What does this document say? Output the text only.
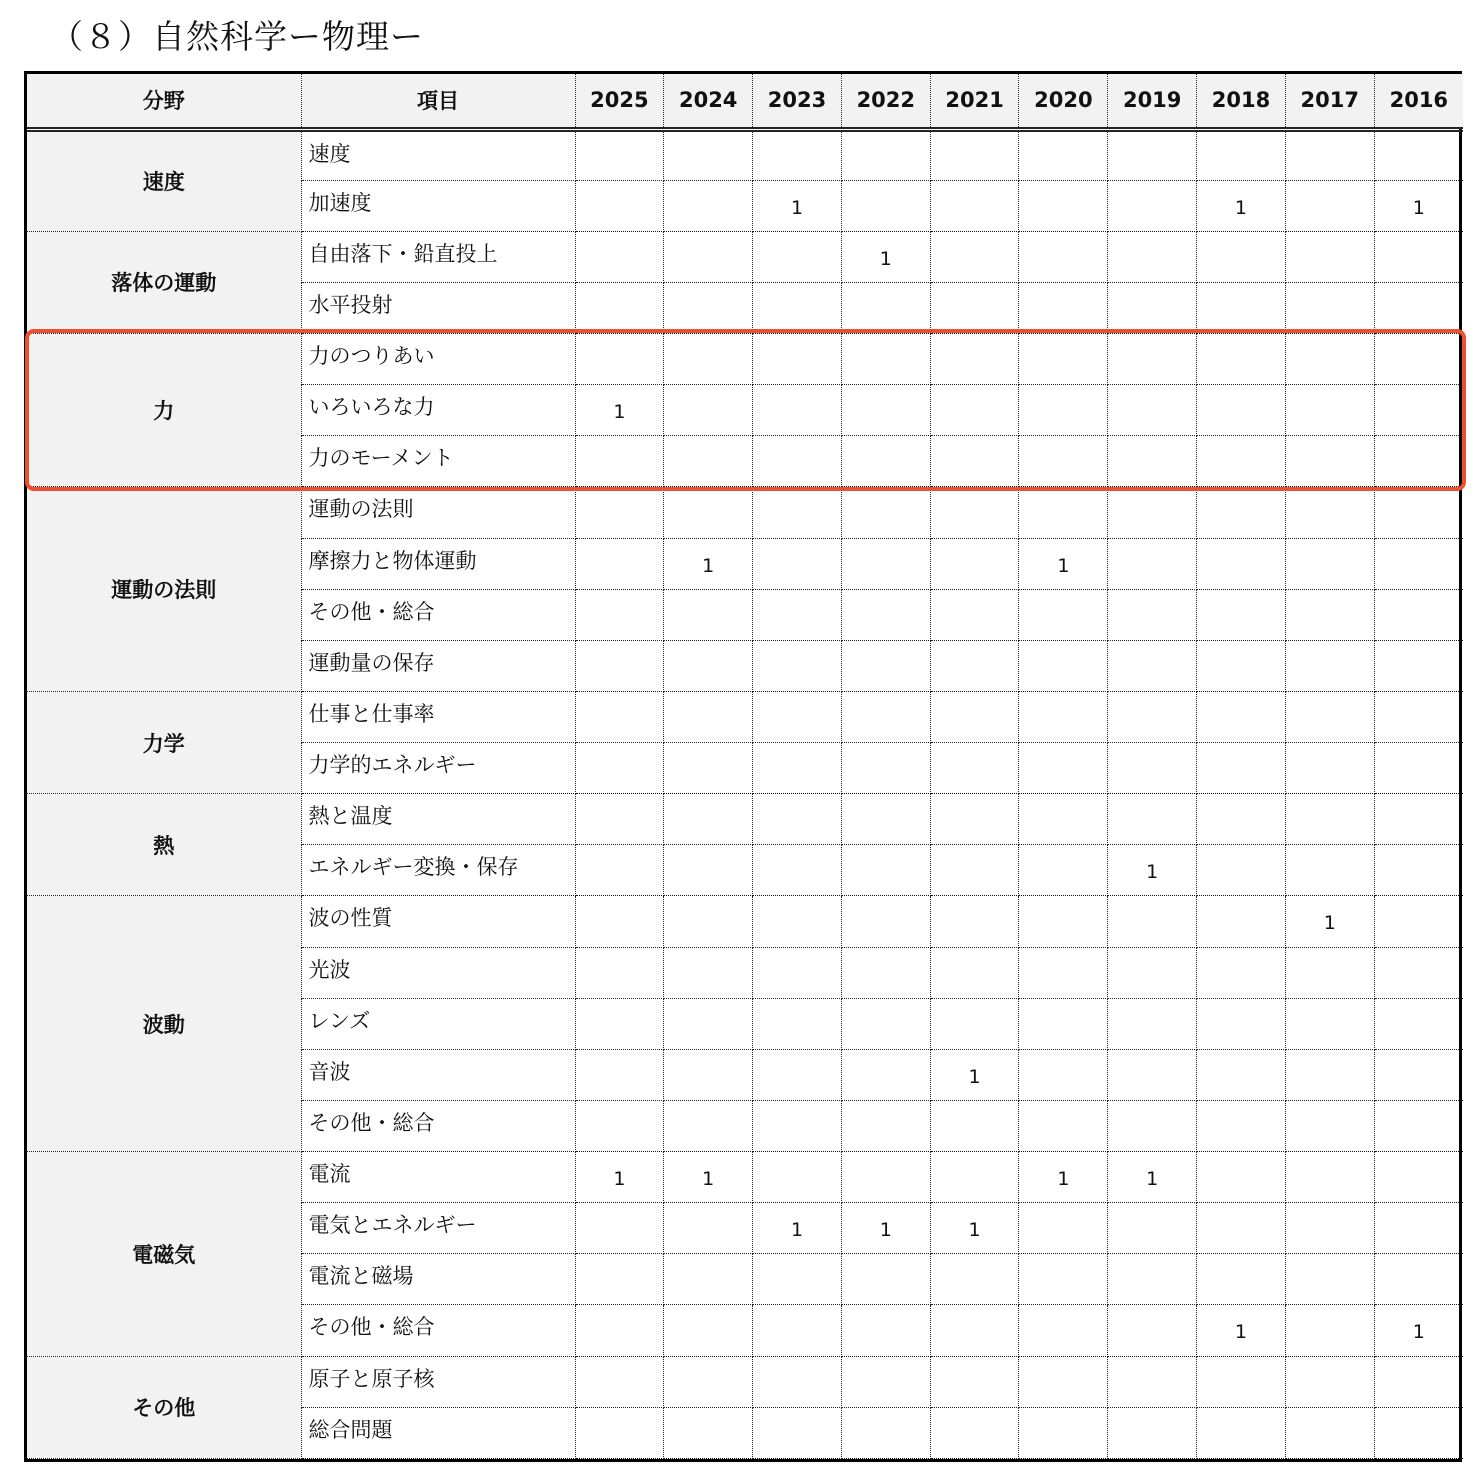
（８）自然科学ー物理ー
分野	項目	2025	2024	2023	2022	2021	2020	2019	2018	2017	2016
速度	速度										
	加速度			1					1		1
落体の運動	自由落下・鉛直投上				1						
	水平投射										
力	力のつりあい										
	いろいろな力	1									
	力のモーメント										
運動の法則	運動の法則										
	摩擦力と物体運動		1				1				
	その他・総合										
	運動量の保存										
力学	仕事と仕事率										
	力学的エネルギー										
熱	熱と温度										
	エネルギー変換・保存							1			
波動	波の性質									1	
	光波										
	レンズ										
	音波					1					
	その他・総合										
電磁気	電流	1	1				1	1			
	電気とエネルギー			1	1	1					
	電流と磁場										
	その他・総合								1		1
その他	原子と原子核										
	総合問題										
